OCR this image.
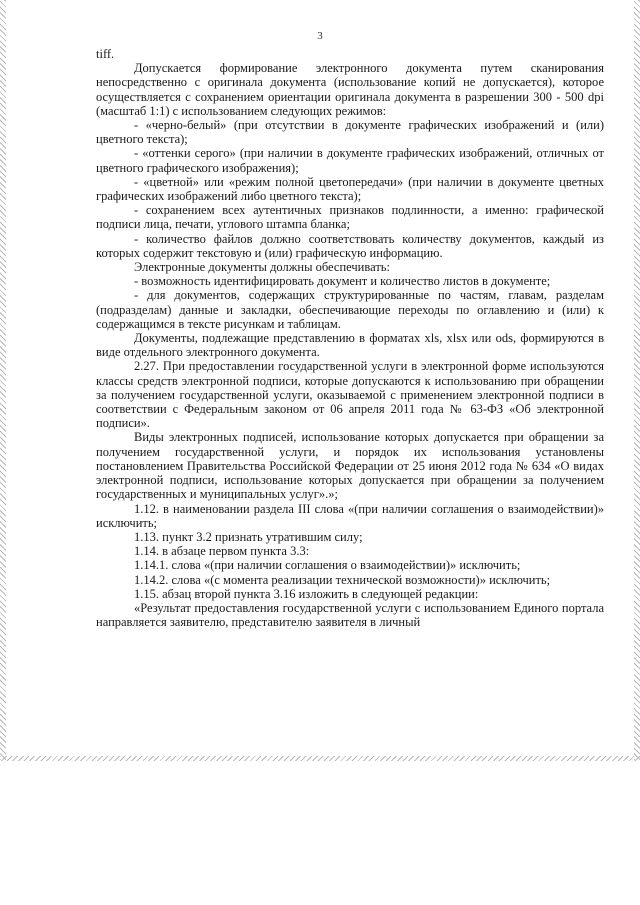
3

tiff.

Допускается формирование электронного документа путем сканирования непосредственно с оригинала документа (использование копий не допускается), которое осуществляется с сохранением ориентации оригинала документа в разрешении 300 - 500 dpi (масштаб 1:1) с использованием следующих режимов:

- «черно-белый» (при отсутствии в документе графических изображений и (или) цветного текста);

- «оттенки серого» (при наличии в документе графических изображений, отличных от цветного графического изображения);

- «цветной» или «режим полной цветопередачи» (при наличии в документе цветных графических изображений либо цветного текста);

- сохранением всех аутентичных признаков подлинности, а именно: графической подписи лица, печати, углового штампа бланка;

- количество файлов должно соответствовать количеству документов, каждый из которых содержит текстовую и (или) графическую информацию.

Электронные документы должны обеспечивать:

- возможность идентифицировать документ и количество листов в документе;

- для документов, содержащих структурированные по частям, главам, разделам (подразделам) данные и закладки, обеспечивающие переходы по оглавлению и (или) к содержащимся в тексте рисункам и таблицам.

Документы, подлежащие представлению в форматах xls, xlsx или ods, формируются в виде отдельного электронного документа.

2.27. При предоставлении государственной услуги в электронной форме используются классы средств электронной подписи, которые допускаются к использованию при обращении за получением государственной услуги, оказываемой с применением электронной подписи в соответствии с Федеральным законом от 06 апреля 2011 года № 63-ФЗ «Об электронной подписи».

Виды электронных подписей, использование которых допускается при обращении за получением государственной услуги, и порядок их использования установлены постановлением Правительства Российской Федерации от 25 июня 2012 года № 634 «О видах электронной подписи, использование которых допускается при обращении за получением государственных и муниципальных услуг».»;

1.12. в наименовании раздела III слова «(при наличии соглашения о взаимодействии)» исключить;

1.13. пункт 3.2 признать утратившим силу;

1.14. в абзаце первом пункта 3.3:

1.14.1. слова «(при наличии соглашения о взаимодействии)» исключить;

1.14.2. слова «(с момента реализации технической возможности)» исключить;

1.15. абзац второй пункта 3.16 изложить в следующей редакции:

«Результат предоставления государственной услуги с использованием Единого портала направляется заявителю, представителю заявителя в личный
